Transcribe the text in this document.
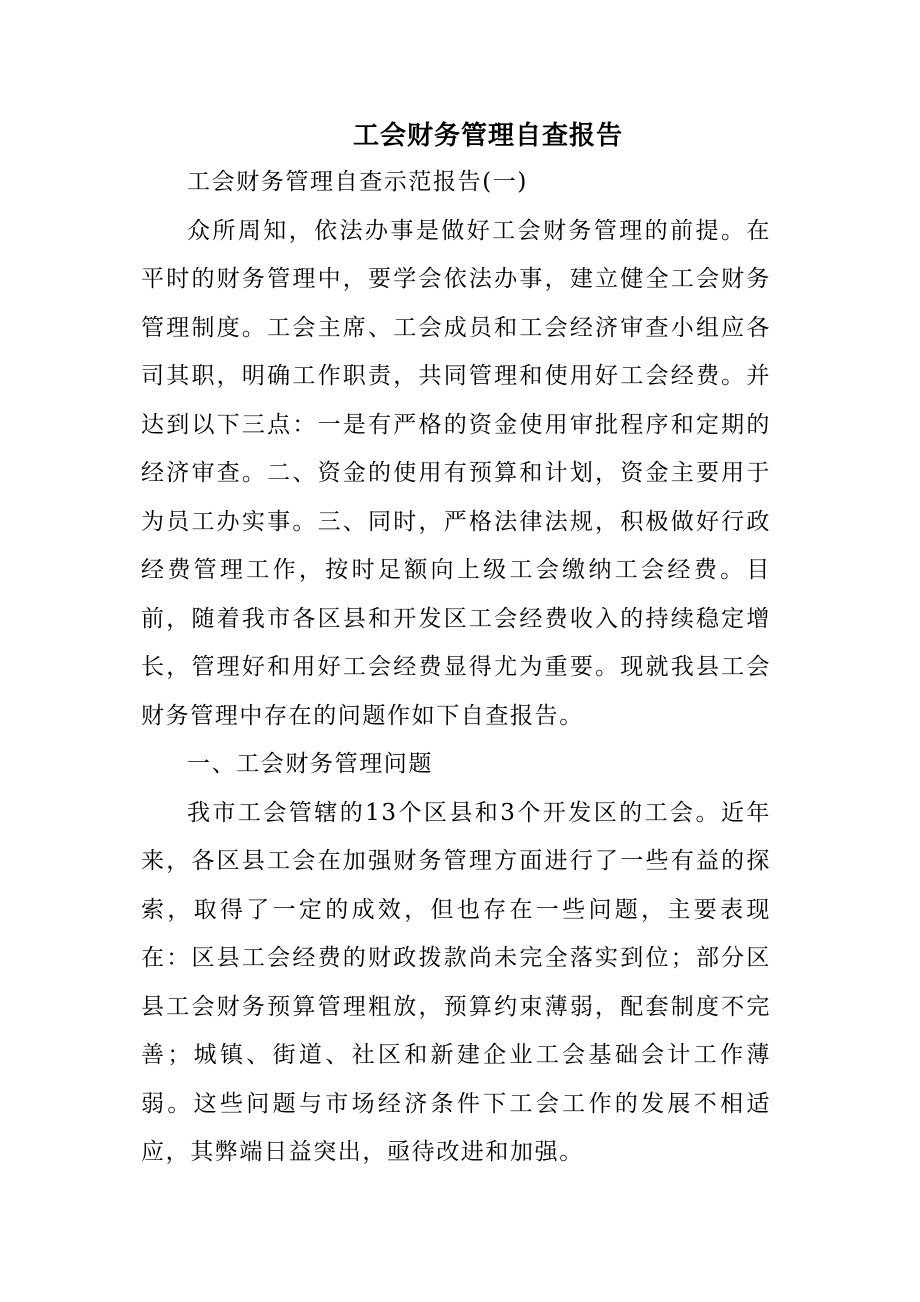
工会财务管理自查报告

工会财务管理自查示范报告(一)

众所周知，依法办事是做好工会财务管理的前提。在平时的财务管理中，要学会依法办事，建立健全工会财务管理制度。工会主席、工会成员和工会经济审查小组应各司其职，明确工作职责，共同管理和使用好工会经费。并达到以下三点：一是有严格的资金使用审批程序和定期的经济审查。二、资金的使用有预算和计划，资金主要用于为员工办实事。三、同时，严格法律法规，积极做好行政经费管理工作，按时足额向上级工会缴纳工会经费。目前，随着我市各区县和开发区工会经费收入的持续稳定增长，管理好和用好工会经费显得尤为重要。现就我县工会财务管理中存在的问题作如下自查报告。

一、工会财务管理问题

我市工会管辖的13个区县和3个开发区的工会。近年来，各区县工会在加强财务管理方面进行了一些有益的探索，取得了一定的成效，但也存在一些问题，主要表现在：区县工会经费的财政拨款尚未完全落实到位；部分区县工会财务预算管理粗放，预算约束薄弱，配套制度不完善；城镇、街道、社区和新建企业工会基础会计工作薄弱。这些问题与市场经济条件下工会工作的发展不相适应，其弊端日益突出，亟待改进和加强。
